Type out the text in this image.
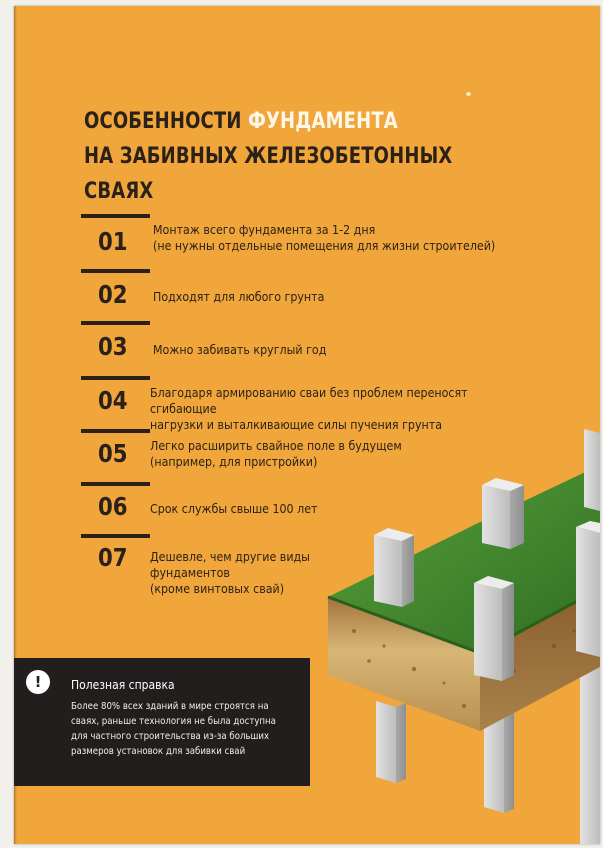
ОСОБЕННОСТИ ФУНДАМЕНТА
НА ЗАБИВНЫХ ЖЕЛЕЗОБЕТОННЫХ СВАЯХ
01	Монтаж всего фундамента за 1-2 дня
(не нужны отдельные помещения для жизни строителей)
02	Подходят для любого грунта
03	Можно забивать круглый год
04	Благодаря армированию сваи без проблем переносят сгибающие
нагрузки и выталкивающие силы пучения грунта
05	Легко расширить свайное поле в будущем
(например, для пристройки)
06	Срок службы свыше 100 лет
07	Дешевле, чем другие виды
фундаментов
(кроме винтовых свай)
!	Полезная справка
Более 80% всех зданий в мире строятся на
сваях, раньше технология не была доступна
для частного строительства из-за больших
размеров установок для забивки свай
